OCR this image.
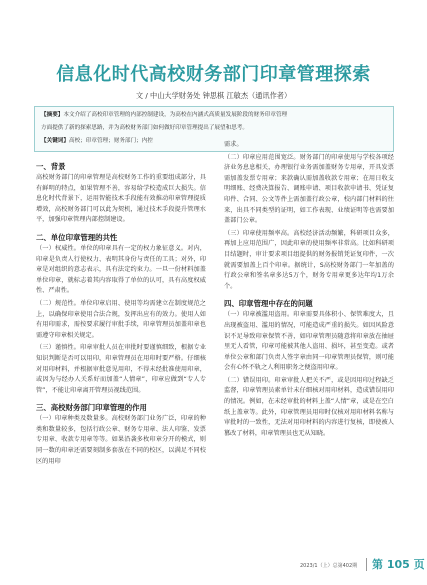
信息化时代高校财务部门印章管理探索
文 / 中山大学财务处 钟思棋 江敏杰（通讯作者）
【摘要】本文介绍了高校印章管理的内部控制建设，为高校在内涵式高质量发展阶段的财务印章管理
方面提供了新的探索思路，并为高校财务部门如何做好印章管理提出了展望和思考。
【关键词】高校；印章管理；财务部门；内控
一、背景

高校财务部门的印章管理是高校财务工作的重要组成部分，具有鲜明的特点，如果管理不善，容易给学校造成巨大损失。信息化时代背景下，运用智能技术手段能有效推动印章管理提质增效，高校财务部门可以此为契机，通过技术手段提升管理水平，加强印章管理内部控制建设。

二、单位印章管理的共性

（一）权威性。单位的印章具有一定的权力象征意义。对内，印章是负责人行使权力、表明其身份与责任的工具；对外，印章是对组织的意志表示，具有法定约束力。一旦一份材料加盖单位印章，就标志着其内容取得了单位的认可，具有高度权威性、严肃性。

（二）规范性。单位印章启用、使用等均需建立在制度规范之上，以确保印章使用合法合规，发挥出应有的效力。使用人如有用印需求，需按要求履行审批手续，印章管理员加盖印章也需遵守印章相关规定。

（三）谨慎性。印章审批人员在审批时要谨慎细致，根据专业知识判断是否可以用印，印章管理员在用印时要严格。仔细核对用印材料，并根据审批意见用印，不得未经批准使用印章，或因为与经办人关系好而加盖“人情章”，印章应做到“专人专管”，不能让印章离开管理员视线范围。

三、高校财务部门印章管理的作用

（一）印章种类及数量多。高校财务部门业务广泛，印章的种类和数量较多，包括行政公章、财务专用章、法人印鉴、发票专用章、收款专用章等等。如果沿袭多枚印章分开的模式，则同一数的印章还需要刻制多套放在不同的校区，以满足不同校区的用印

需求。

（二）印章应用范围宽泛。财务部门的印章使用与学校各项经济业务息息相关，办理银行业务需加盖财务专用章，开具发票需加盖发票专用章；来款确认需加盖收款专用章；在用日收支明细账、经费决算报告、调账申请、项目收款申请书、凭证复印件、合同、公文等件上需加盖行政公章，校内部门材料的往来，出具不同类型的证明，如工作表现、业绩证明等也需要加盖部门公章。

（三）印章使用频率高。高校经济活动频繁，科研项目众多，再加上应用范围广，因此印章的使用频率非常高。比如科研项目结题时，审计要求项目组提供的财务报销凭证复印件，一次就需要加盖上百个印章。据统计，S高校财务部门一年加盖的行政公章和签名章多达5万个，财务专用章更多达年均1万余个。

四、印章管理中存在的问题

（一）印章被滥用盗用。印章需要具体积小、保管难度大，且出现被盗用、滥用的情况，可能造成严重的损失。如因风险意识不足导致印章保管不善，如印章管理员随意将印章放在抽屉里无人看管，印章可能被其他人盗用、损坏，甚至变造。或者单位公章和部门负责人签字章由同一印章管理员保管，则可能会有心怀不轨之人利用职务之便盗用印章。

（二）错误用印。印章审批人把关不严，或是因用印过程缺乏监督，印章管理员素单针未仔细核对用印材料，造成错误用印的情况。例如，在未经审批的材料上盖“人情”章，或是在空白纸上盖章等。此外，印章管理员用印时仅核对用印材料名称与审批时的一致性，无法对用印材料的内容进行复核，即使被人篡改了材料，印章管理员也无从知晓。

2023/1（上）总第402期 第 105 页
